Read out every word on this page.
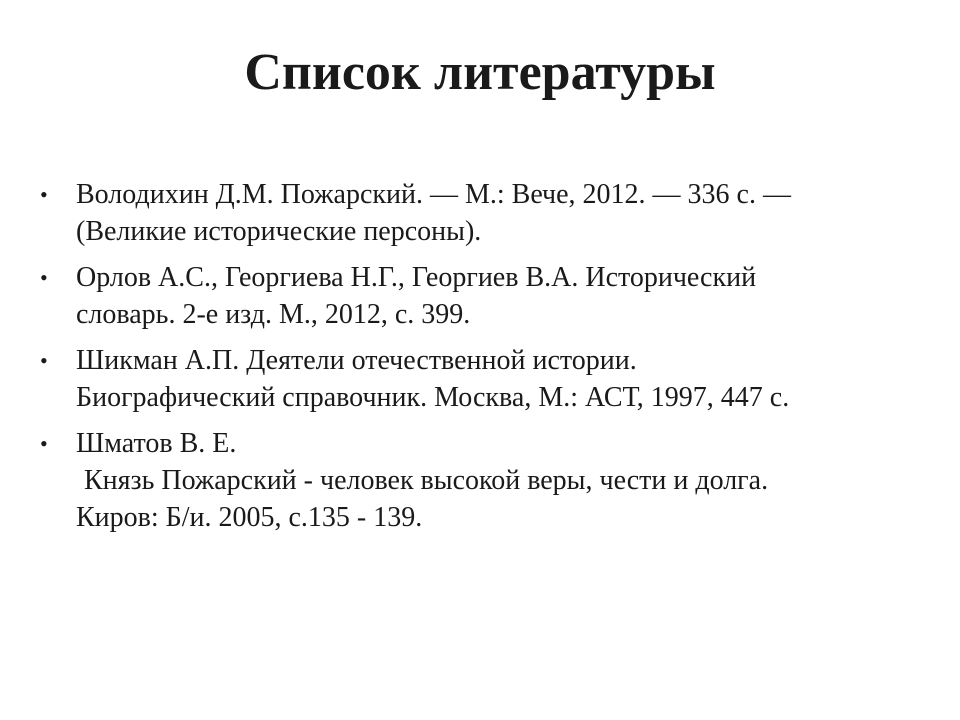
Список литературы
•	Володихин Д.М. Пожарский. — М.: Вече, 2012. — 336 с. —
(Великие исторические персоны).
•	Орлов А.С., Георгиева Н.Г., Георгиев В.А. Исторический
словарь. 2-е изд. М., 2012, с. 399.
•	Шикман А.П. Деятели отечественной истории.
Биографический справочник. Москва, М.: АСТ, 1997, 447 с.
•	Шматов В. Е.
Князь Пожарский - человек высокой веры, чести и долга.
Киров: Б/и. 2005, с.135 - 139.
